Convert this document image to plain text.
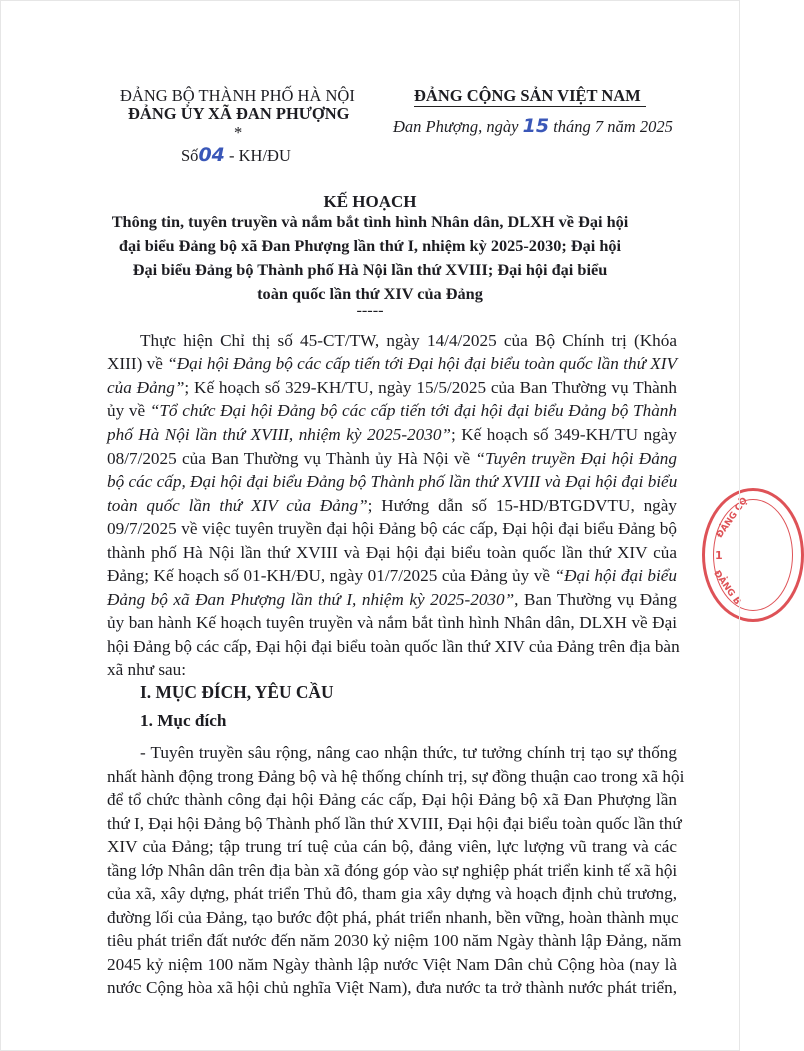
ĐẢNG BỘ THÀNH PHỐ HÀ NỘI
ĐẢNG ỦY XÃ ĐAN PHƯỢNG
*
Số04 - KH/ĐU
ĐẢNG CỘNG SẢN VIỆT NAM
Đan Phượng, ngày 15 tháng 7 năm 2025
KẾ HOẠCH
Thông tin, tuyên truyền và nắm bắt tình hình Nhân dân, DLXH về Đại hội
đại biểu Đảng bộ xã Đan Phượng lần thứ I, nhiệm kỳ 2025-2030; Đại hội
Đại biểu Đảng bộ Thành phố Hà Nội lần thứ XVIII; Đại hội đại biểu
toàn quốc lần thứ XIV của Đảng
-----
Thực hiện Chỉ thị số 45-CT/TW, ngày 14/4/2025 của Bộ Chính trị (Khóa
XIII) về “Đại hội Đảng bộ các cấp tiến tới Đại hội đại biểu toàn quốc lần thứ XIV
của Đảng”; Kế hoạch số 329-KH/TU, ngày 15/5/2025 của Ban Thường vụ Thành
ủy về “Tổ chức Đại hội Đảng bộ các cấp tiến tới đại hội đại biểu Đảng bộ Thành
phố Hà Nội lần thứ XVIII, nhiệm kỳ 2025-2030”; Kế hoạch số 349-KH/TU ngày
08/7/2025 của Ban Thường vụ Thành ủy Hà Nội về “Tuyên truyền Đại hội Đảng
bộ các cấp, Đại hội đại biểu Đảng bộ Thành phố lần thứ XVIII và Đại hội đại biểu
toàn quốc lần thứ XIV của Đảng”; Hướng dẫn số 15-HD/BTGDVTU, ngày
09/7/2025 về việc tuyên truyền đại hội Đảng bộ các cấp, Đại hội đại biểu Đảng bộ
thành phố Hà Nội lần thứ XVIII và Đại hội đại biểu toàn quốc lần thứ XIV của
Đảng; Kế hoạch số 01-KH/ĐU, ngày 01/7/2025 của Đảng ủy về “Đại hội đại biểu
Đảng bộ xã Đan Phượng lần thứ I, nhiệm kỳ 2025-2030”, Ban Thường vụ Đảng
ủy ban hành Kế hoạch tuyên truyền và nắm bắt tình hình Nhân dân, DLXH về Đại
hội Đảng bộ các cấp, Đại hội đại biểu toàn quốc lần thứ XIV của Đảng trên địa bàn
xã như sau:
I. MỤC ĐÍCH, YÊU CẦU
1. Mục đích
- Tuyên truyền sâu rộng, nâng cao nhận thức, tư tưởng chính trị tạo sự thống
nhất hành động trong Đảng bộ và hệ thống chính trị, sự đồng thuận cao trong xã hội
để tổ chức thành công đại hội Đảng các cấp, Đại hội Đảng bộ xã Đan Phượng lần
thứ I, Đại hội Đảng bộ Thành phố lần thứ XVIII, Đại hội đại biểu toàn quốc lần thứ
XIV của Đảng; tập trung trí tuệ của cán bộ, đảng viên, lực lượng vũ trang và các
tầng lớp Nhân dân trên địa bàn xã đóng góp vào sự nghiệp phát triển kinh tế xã hội
của xã, xây dựng, phát triển Thủ đô, tham gia xây dựng và hoạch định chủ trương,
đường lối của Đảng, tạo bước đột phá, phát triển nhanh, bền vững, hoàn thành mục
tiêu phát triển đất nước đến năm 2030 kỷ niệm 100 năm Ngày thành lập Đảng, năm
2045 kỷ niệm 100 năm Ngày thành lập nước Việt Nam Dân chủ Cộng hòa (nay là
nước Cộng hòa xã hội chủ nghĩa Việt Nam), đưa nước ta trở thành nước phát triển,
ĐẢNG CỘ
1
ĐẢNG B
